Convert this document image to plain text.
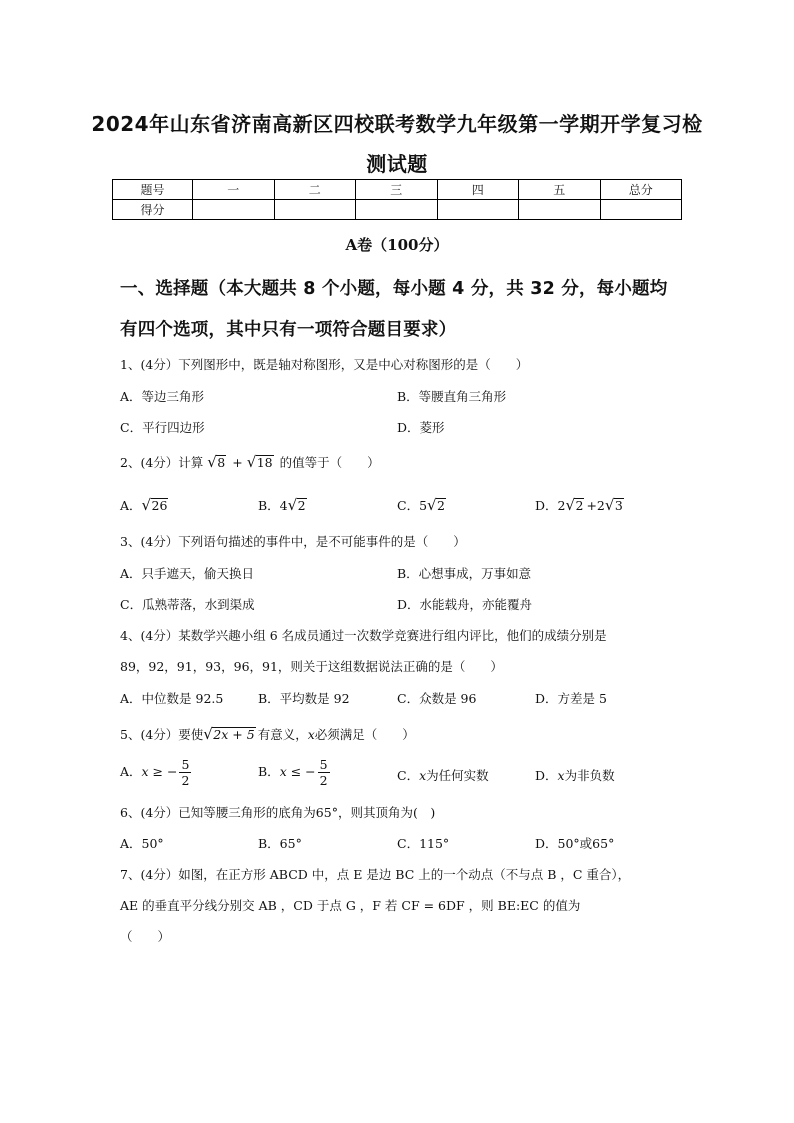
2024年山东省济南高新区四校联考数学九年级第一学期开学复习检
测试题
题号	一	二	三	四	五	总分
得分						
A卷（100分）
一、选择题（本大题共 8 个小题，每小题 4 分，共 32 分，每小题均
有四个选项，其中只有一项符合题目要求）
1、(4分）下列图形中，既是轴对称图形，又是中心对称图形的是（　　）
A．等边三角形	B．等腰直角三角形
C．平行四边形	D．菱形
2、(4分）计算 √ 8 + √ 18 的值等于（　　）
A． √ 26	B．4 √ 2	C．5 √ 2	D．2 √ 2 +2 √ 3
3、(4分）下列语句描述的事件中，是不可能事件的是（　　）
A．只手遮天，偷天换日	B．心想事成，万事如意
C．瓜熟蒂落，水到渠成	D．水能载舟，亦能覆舟
4、(4分）某数学兴趣小组 6 名成员通过一次数学竞赛进行组内评比，他们的成绩分别是
89，92，91，93，96，91，则关于这组数据说法正确的是（　　）
A．中位数是 92.5	B．平均数是 92	C．众数是 96	D．方差是 5
5、(4分）要使 √ 2x + 5 有意义，x必须满足（　　）
A．x ≥ − $\frac{5}{2}$	B．x ≤ − $\frac{5}{2}$	C．x为任何实数	D．x为非负数
6、(4分）已知等腰三角形的底角为65°，则其顶角为(　)
A．50°	B．65°	C．115°	D．50°或65°
7、(4分）如图，在正方形 ABCD 中，点 E 是边 BC 上的一个动点（不与点 B ，C 重合），
AE 的垂直平分线分别交 AB ，CD 于点 G ，F 若 CF = 6DF ，则 BE:EC 的值为
（　　）
